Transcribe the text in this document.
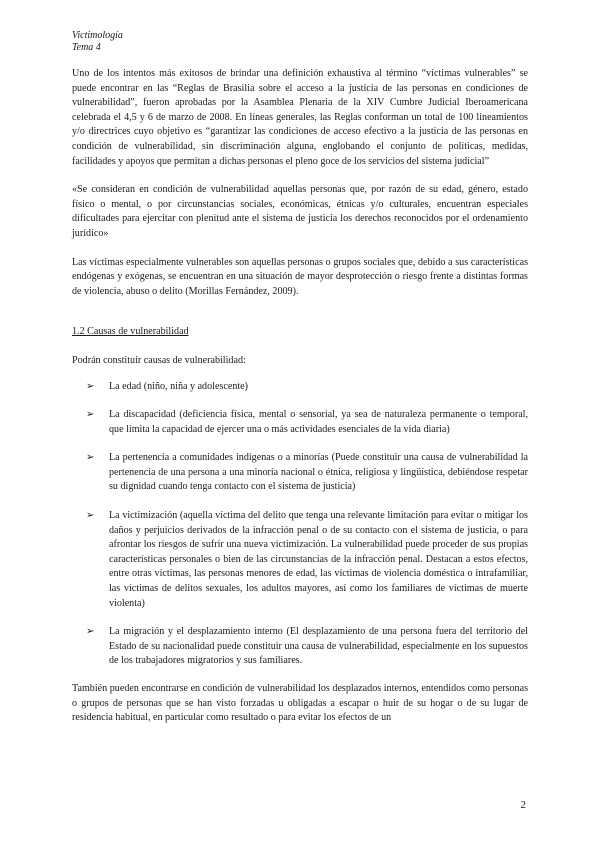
Victimología
Tema 4

Uno de los intentos más exitosos de brindar una definición exhaustiva al término “víctimas vulnerables” se puede encontrar en las “Reglas de Brasilia sobre el acceso a la justicia de las personas en condiciones de vulnerabilidad”, fueron aprobadas por la Asamblea Plenaria de la XIV Cumbre Judicial Iberoamericana celebrada el 4,5 y 6 de marzo de 2008. En líneas generales, las Reglas conforman un total de 100 lineamientos y/o directrices cuyo objetivo es “garantizar las condiciones de acceso efectivo a la justicia de las personas en condición de vulnerabilidad, sin discriminación alguna, englobando el conjunto de políticas, medidas, facilidades y apoyos que permitan a dichas personas el pleno goce de los servicios del sistema judicial”

«Se consideran en condición de vulnerabilidad aquellas personas que, por razón de su edad, género, estado físico o mental, o por circunstancias sociales, económicas, étnicas y/o culturales, encuentran especiales dificultades para ejercitar con plenitud ante el sistema de justicia los derechos reconocidos por el ordenamiento jurídico»

Las víctimas especialmente vulnerables son aquellas personas o grupos sociales que, debido a sus características endógenas y exógenas, se encuentran en una situación de mayor desprotección o riesgo frente a distintas formas de violencia, abuso o delito (Morillas Fernández, 2009).

1.2 Causas de vulnerabilidad

Podrán constituir causas de vulnerabilidad:

➢ La edad (niño, niña y adolescente)
➢ La discapacidad (deficiencia física, mental o sensorial, ya sea de naturaleza permanente o temporal, que limita la capacidad de ejercer una o más actividades esenciales de la vida diaria)
➢ La pertenencia a comunidades indígenas o a minorías (Puede constituir una causa de vulnerabilidad la pertenencia de una persona a una minoría nacional o étnica, religiosa y lingüística, debiéndose respetar su dignidad cuando tenga contacto con el sistema de justicia)
➢ La victimización (aquella víctima del delito que tenga una relevante limitación para evitar o mitigar los daños y perjuicios derivados de la infracción penal o de su contacto con el sistema de justicia, o para afrontar los riesgos de sufrir una nueva victimización. La vulnerabilidad puede proceder de sus propias características personales o bien de las circunstancias de la infracción penal. Destacan a estos efectos, entre otras víctimas, las personas menores de edad, las víctimas de violencia doméstica o intrafamiliar, las víctimas de delitos sexuales, los adultos mayores, así como los familiares de víctimas de muerte violenta)
➢ La migración y el desplazamiento interno (El desplazamiento de una persona fuera del territorio del Estado de su nacionalidad puede constituir una causa de vulnerabilidad, especialmente en los supuestos de los trabajadores migratorios y sus familiares.

También pueden encontrarse en condición de vulnerabilidad los desplazados internos, entendidos como personas o grupos de personas que se han visto forzadas u obligadas a escapar o huir de su hogar o de su lugar de residencia habitual, en particular como resultado o para evitar los efectos de un

2
